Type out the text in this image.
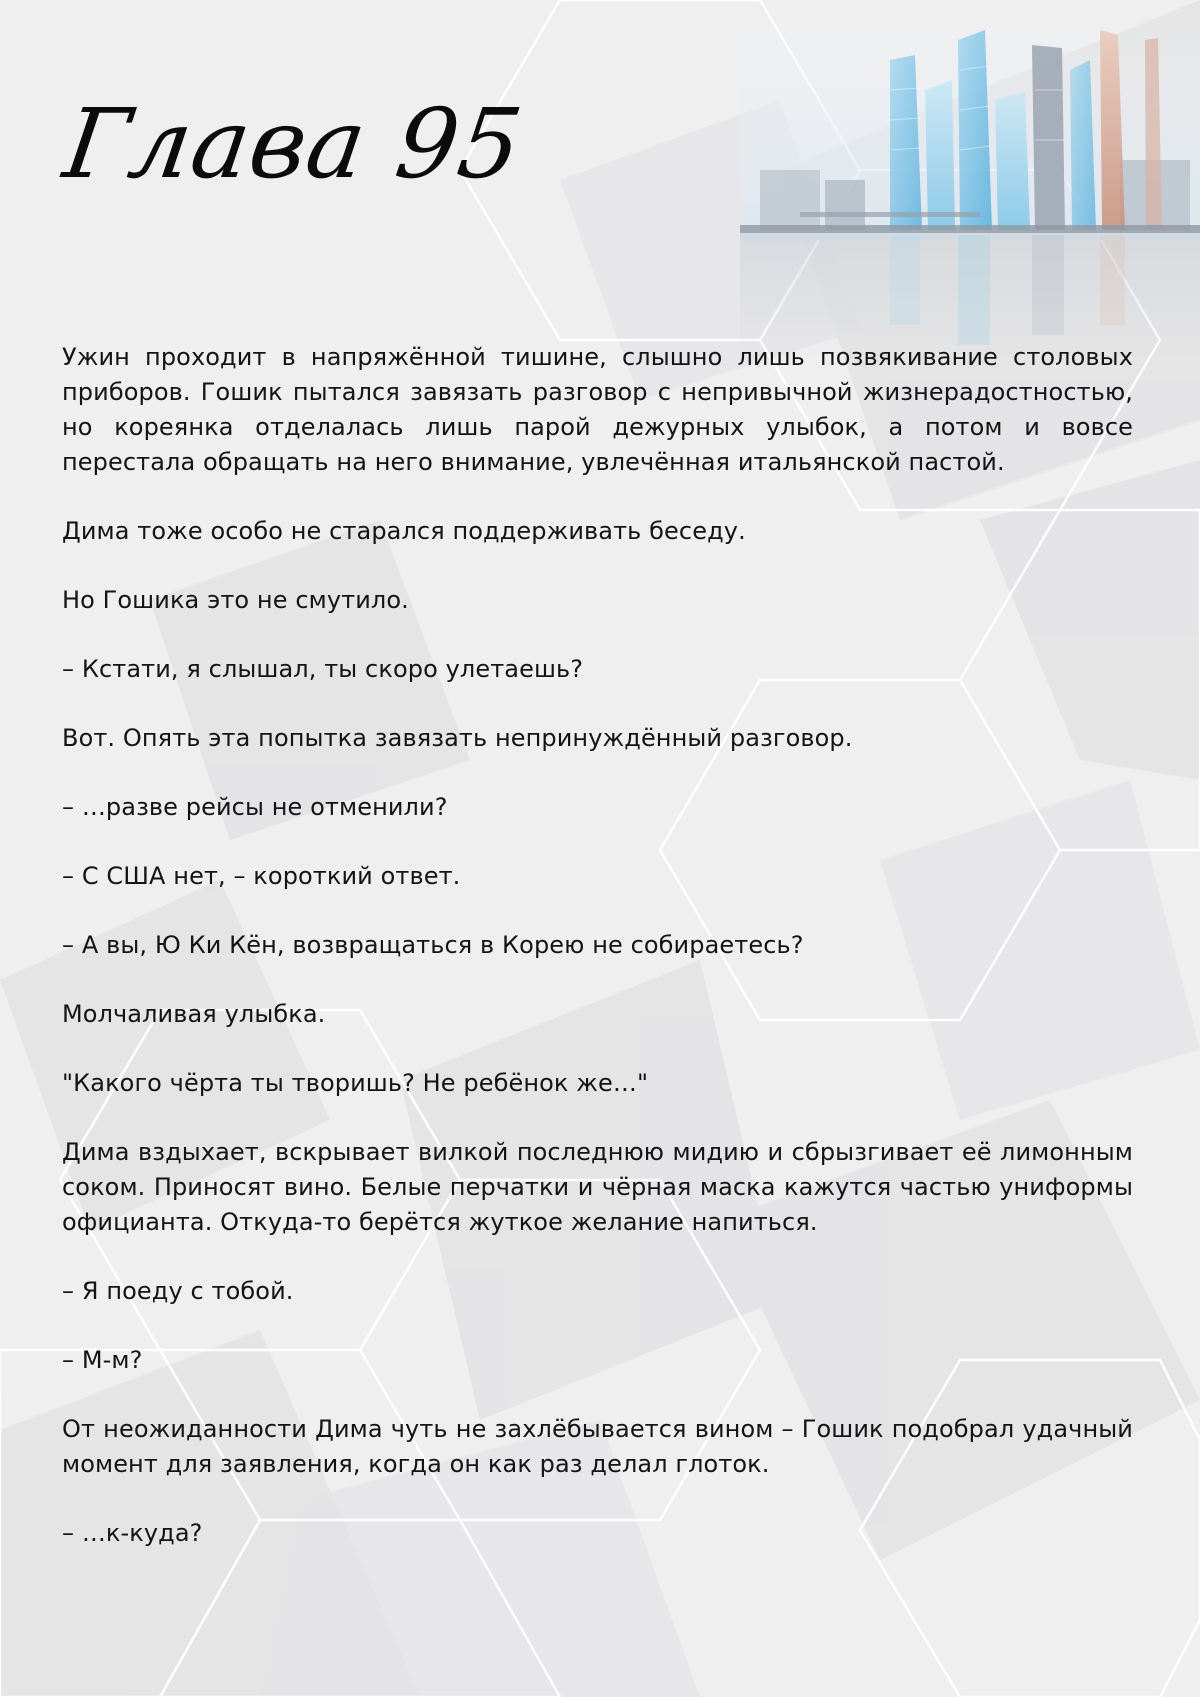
Глава 95

Ужин проходит в напряжённой тишине, слышно лишь позвякивание столовых приборов. Гошик пытался завязать разговор с непривычной жизнерадостностью, но кореянка отделалась лишь парой дежурных улыбок, а потом и вовсе перестала обращать на него внимание, увлечённая итальянской пастой.

Дима тоже особо не старался поддерживать беседу.

Но Гошика это не смутило.

– Кстати, я слышал, ты скоро улетаешь?

Вот. Опять эта попытка завязать непринуждённый разговор.

– …разве рейсы не отменили?

– С США нет, – короткий ответ.

– А вы, Ю Ки Кён, возвращаться в Корею не собираетесь?

Молчаливая улыбка.

"Какого чёрта ты творишь? Не ребёнок же…"

Дима вздыхает, вскрывает вилкой последнюю мидию и сбрызгивает её лимонным соком. Приносят вино. Белые перчатки и чёрная маска кажутся частью униформы официанта. Откуда-то берётся жуткое желание напиться.

– Я поеду с тобой.

– М-м?

От неожиданности Дима чуть не захлёбывается вином – Гошик подобрал удачный момент для заявления, когда он как раз делал глоток.

– …к-куда?
